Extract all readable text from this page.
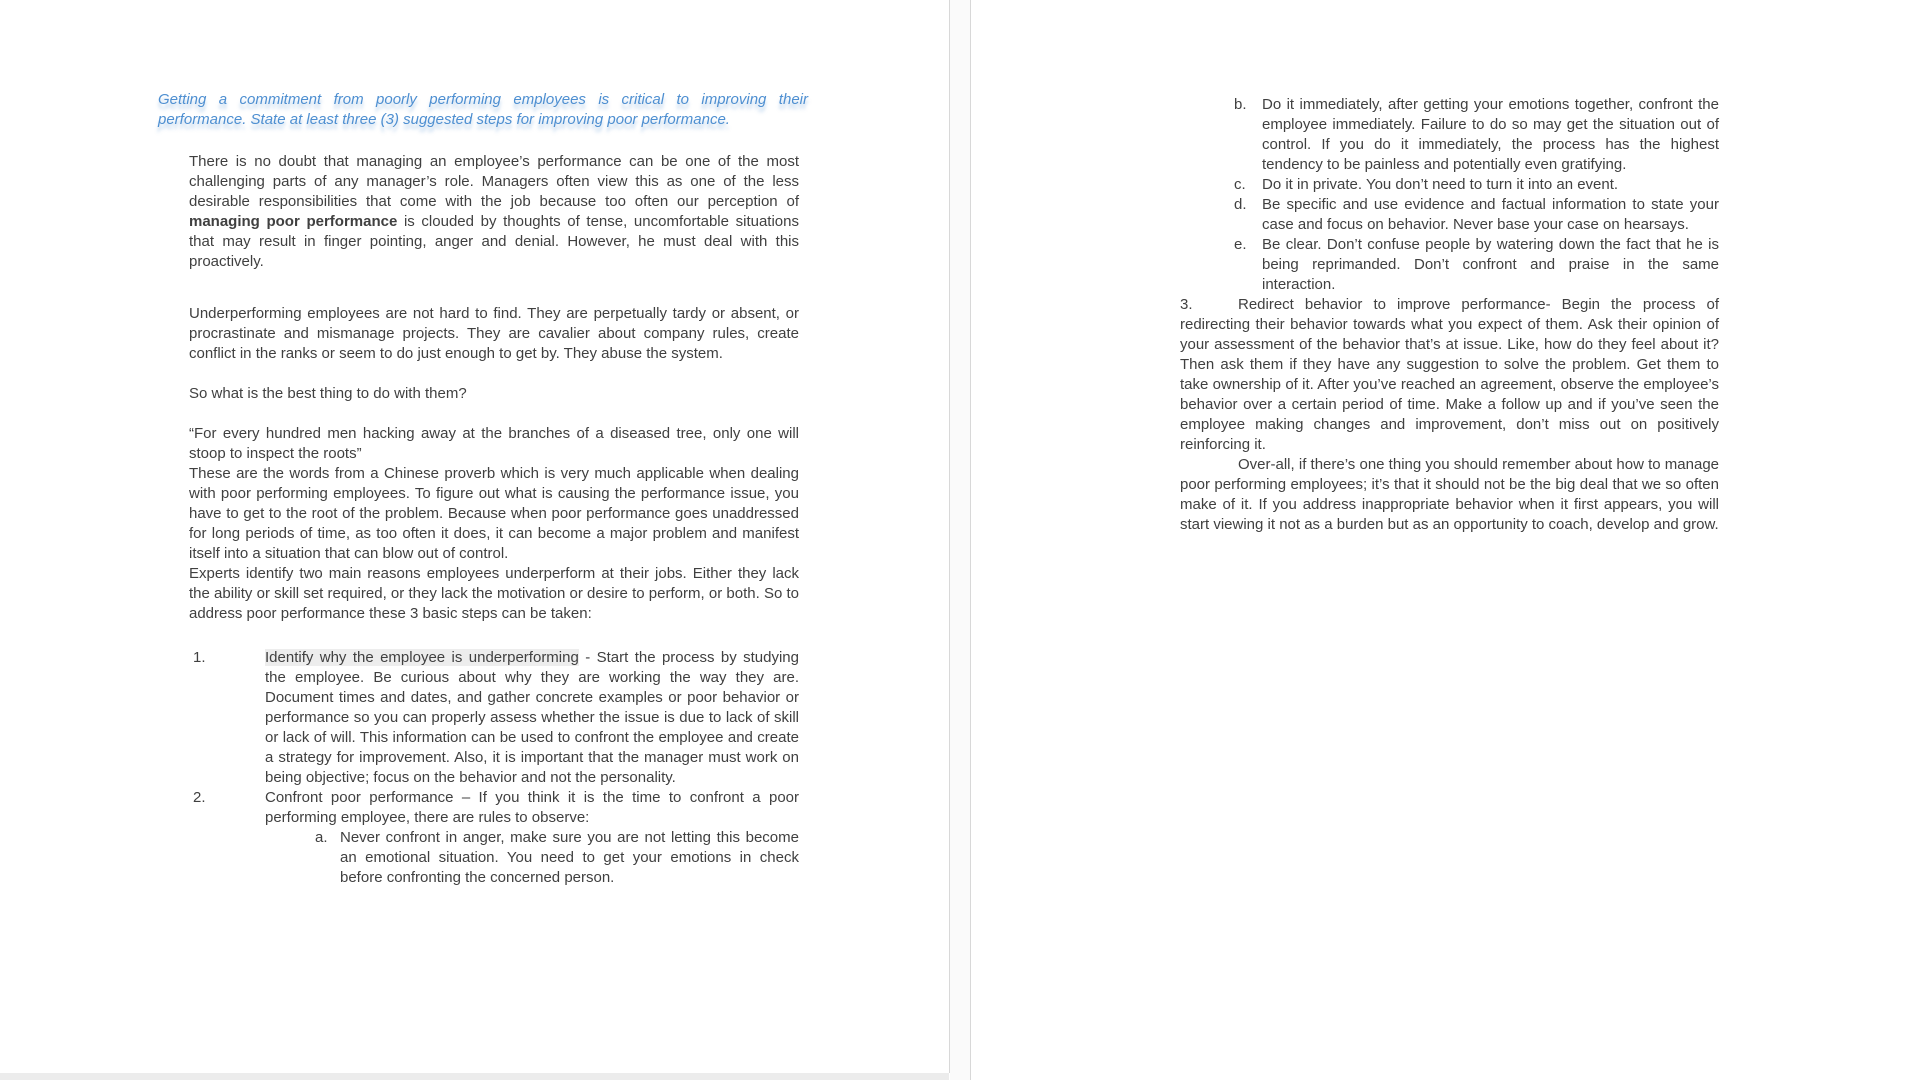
Getting a commitment from poorly performing employees is critical to improving their performance. State at least three (3) suggested steps for improving poor performance.

There is no doubt that managing an employee’s performance can be one of the most challenging parts of any manager’s role. Managers often view this as one of the less desirable responsibilities that come with the job because too often our perception of managing poor performance is clouded by thoughts of tense, uncomfortable situations that may result in finger pointing, anger and denial. However, he must deal with this proactively.

Underperforming employees are not hard to find. They are perpetually tardy or absent, or procrastinate and mismanage projects. They are cavalier about company rules, create conflict in the ranks or seem to do just enough to get by. They abuse the system.

So what is the best thing to do with them?

“For every hundred men hacking away at the branches of a diseased tree, only one will stoop to inspect the roots”

These are the words from a Chinese proverb which is very much applicable when dealing with poor performing employees. To figure out what is causing the performance issue, you have to get to the root of the problem. Because when poor performance goes unaddressed for long periods of time, as too often it does, it can become a major problem and manifest itself into a situation that can blow out of control.

Experts identify two main reasons employees underperform at their jobs. Either they lack the ability or skill set required, or they lack the motivation or desire to perform, or both. So to address poor performance these 3 basic steps can be taken:

1.	Identify why the employee is underperforming - Start the process by studying the employee. Be curious about why they are working the way they are. Document times and dates, and gather concrete examples or poor behavior or performance so you can properly assess whether the issue is due to lack of skill or lack of will. This information can be used to confront the employee and create a strategy for improvement. Also, it is important that the manager must work on being objective; focus on the behavior and not the personality.
2.	Confront poor performance – If you think it is the time to confront a poor performing employee, there are rules to observe:
a. Never confront in anger, make sure you are not letting this become an emotional situation. You need to get your emotions in check before confronting the concerned person.
b. Do it immediately, after getting your emotions together, confront the employee immediately. Failure to do so may get the situation out of control. If you do it immediately, the process has the highest tendency to be painless and potentially even gratifying.
c. Do it in private. You don’t need to turn it into an event.
d. Be specific and use evidence and factual information to state your case and focus on behavior. Never base your case on hearsays.
e. Be clear. Don’t confuse people by watering down the fact that he is being reprimanded. Don’t confront and praise in the same interaction.

3.	Redirect behavior to improve performance- Begin the process of redirecting their behavior towards what you expect of them. Ask their opinion of your assessment of the behavior that’s at issue. Like, how do they feel about it? Then ask them if they have any suggestion to solve the problem. Get them to take ownership of it. After you’ve reached an agreement, observe the employee’s behavior over a certain period of time. Make a follow up and if you’ve seen the employee making changes and improvement, don’t miss out on positively reinforcing it.

Over-all, if there’s one thing you should remember about how to manage poor performing employees; it’s that it should not be the big deal that we so often make of it. If you address inappropriate behavior when it first appears, you will start viewing it not as a burden but as an opportunity to coach, develop and grow.
